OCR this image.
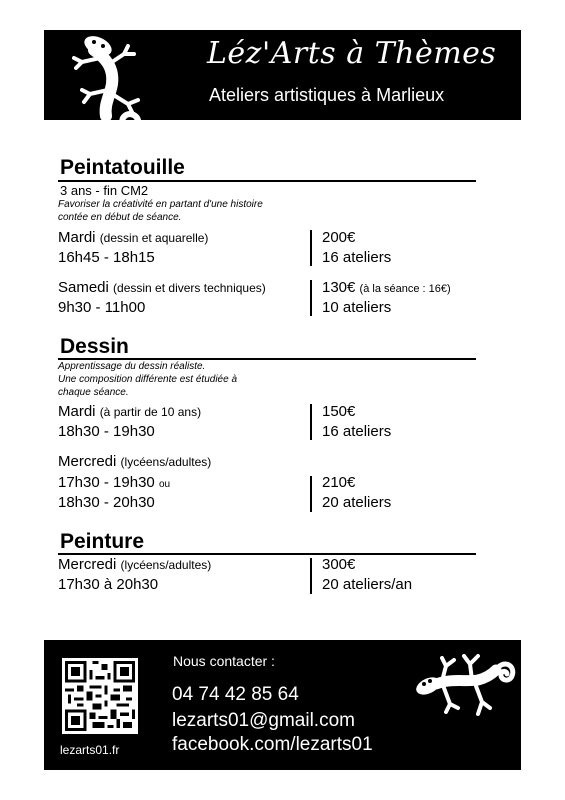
Léz'Arts à Thèmes
Ateliers artistiques à Marlieux
Peintatouille
3 ans - fin CM2
Favoriser la créativité en partant d'une histoire
contée en début de séance.
Mardi (dessin et aquarelle)
16h45 - 18h15
200€
16 ateliers
Samedi (dessin et divers techniques)
9h30 - 11h00
130€ (à la séance : 16€)
10 ateliers
Dessin
Apprentissage du dessin réaliste.
Une composition différente est étudiée à
chaque séance.
Mardi (à partir de 10 ans)
18h30 - 19h30
150€
16 ateliers
Mercredi (lycéens/adultes)
17h30 - 19h30 ou
18h30 - 20h30
210€
20 ateliers
Peinture
Mercredi (lycéens/adultes)
17h30 à 20h30
300€
20 ateliers/an
lezarts01.fr
Nous contacter :
04 74 42 85 64
lezarts01@gmail.com
facebook.com/lezarts01
